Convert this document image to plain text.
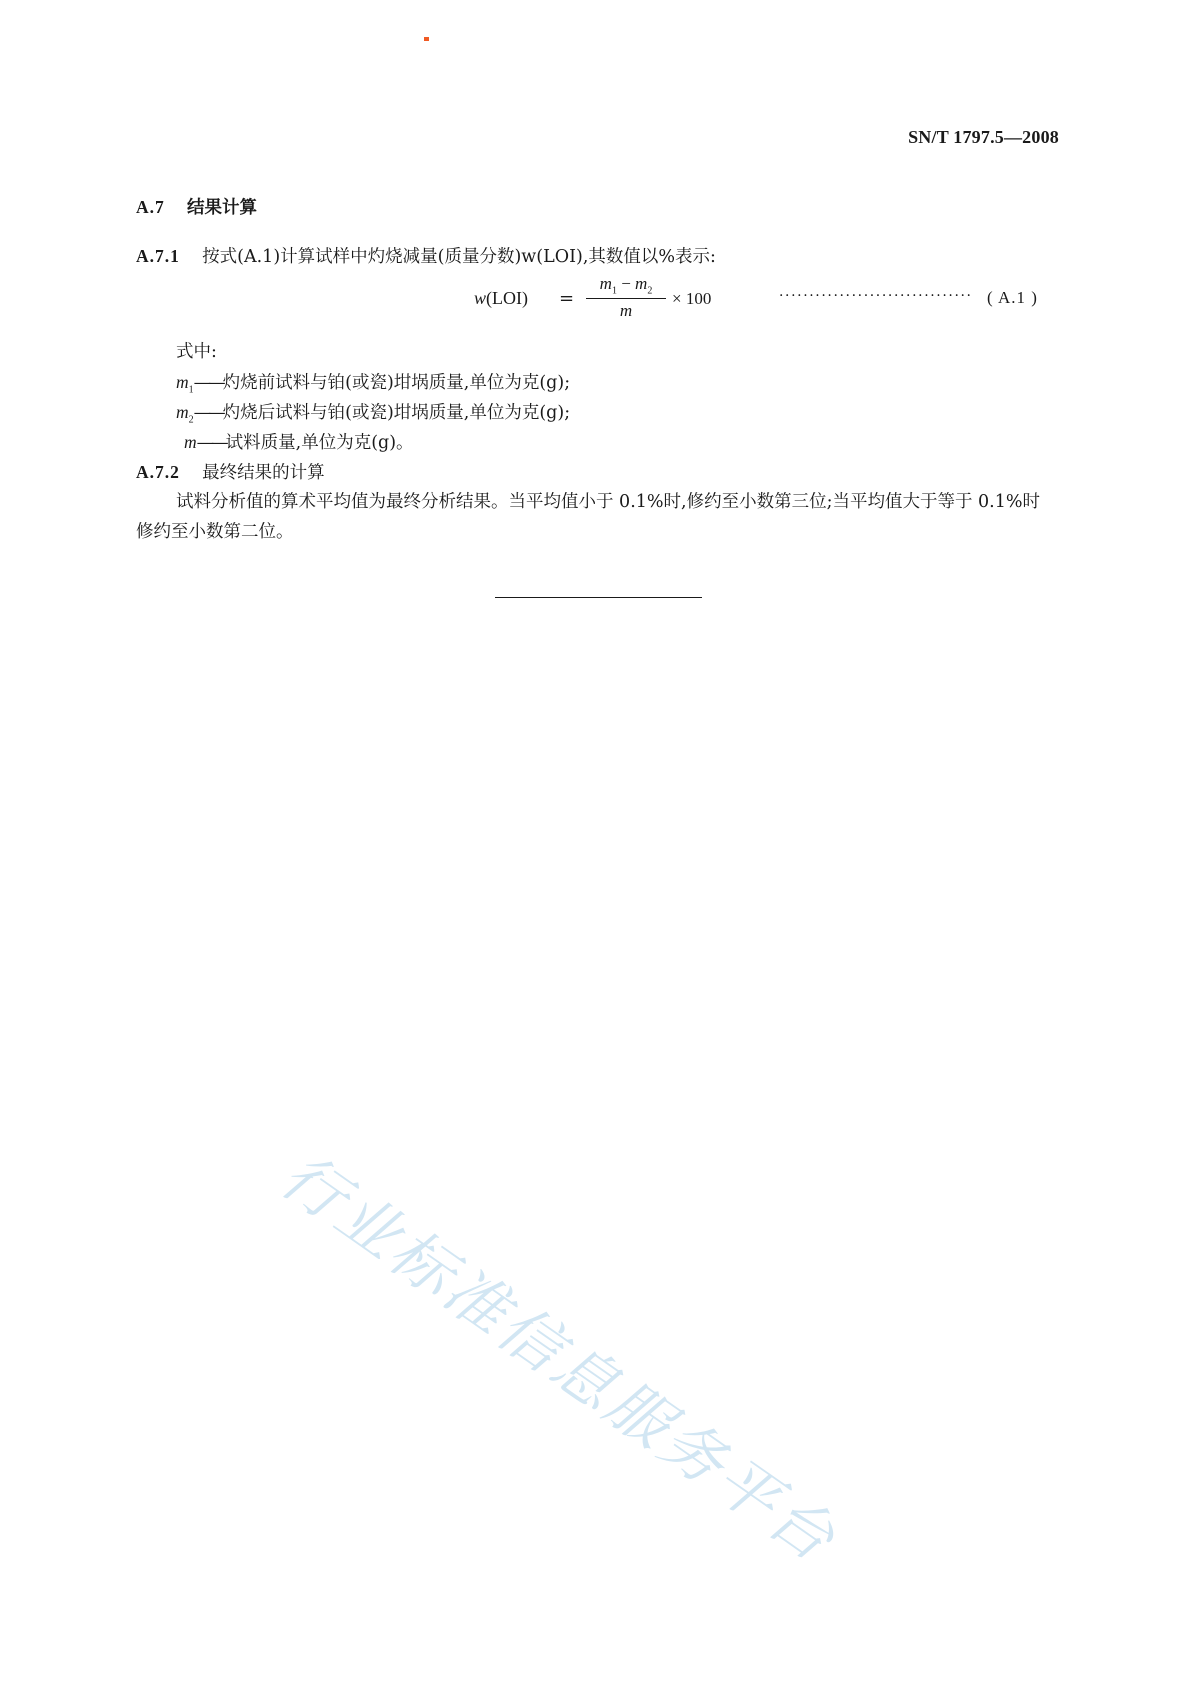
SN/T 1797.5—2008
A.7 结果计算
A.7.1 按式(A.1)计算试样中灼烧减量(质量分数)w(LOI),其数值以%表示:
$w(LOI) = \frac{m_1 - m_2}{m} \times 100$	································ ( A.1 )
式中:
$m_1——$灼烧前试料与铂(或瓷)坩埚质量,单位为克(g);
$m_2——$灼烧后试料与铂(或瓷)坩埚质量,单位为克(g);
m——试料质量,单位为克(g)。
A.7.2 最终结果的计算
试料分析值的算术平均值为最终分析结果。当平均值小于 0.1%时,修约至小数第三位;当平均值大于等于 0.1%时修约至小数第二位。
行业标准信息服务平台
